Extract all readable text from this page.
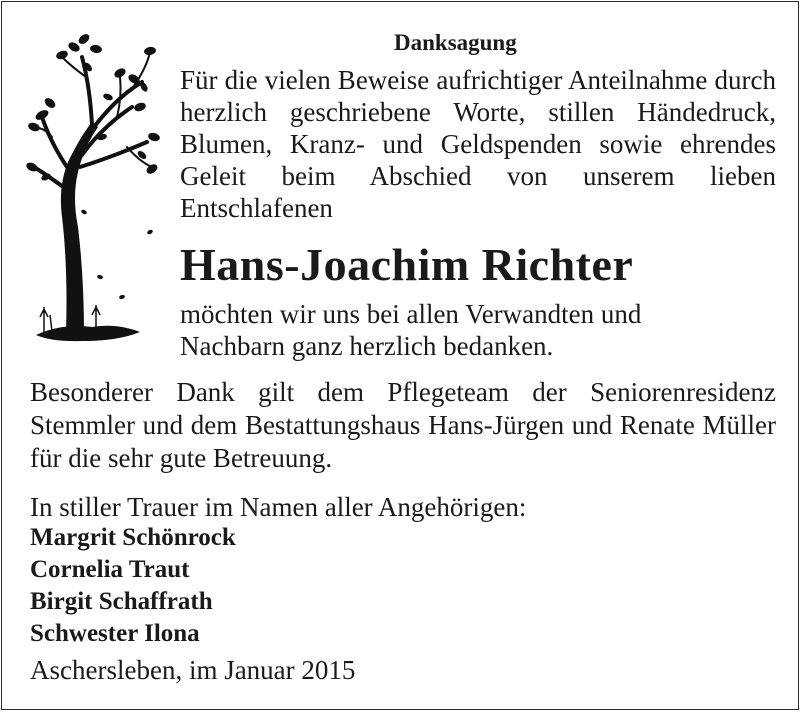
Danksagung
Für die vielen Beweise aufrichtiger Anteilnahme durch herzlich geschriebene Worte, stillen Händedruck, Blumen, Kranz- und Geldspenden sowie ehrendes Geleit beim Abschied von unserem lieben Entschlafenen
Hans-Joachim Richter
möchten wir uns bei allen Verwandten und
Nachbarn ganz herzlich bedanken.
Besonderer Dank gilt dem Pflegeteam der Seniorenresidenz Stemmler und dem Bestattungshaus Hans-Jürgen und Renate Müller für die sehr gute Betreuung.
In stiller Trauer im Namen aller Angehörigen:
Margrit Schönrock
Cornelia Traut
Birgit Schaffrath
Schwester Ilona
Aschersleben, im Januar 2015
